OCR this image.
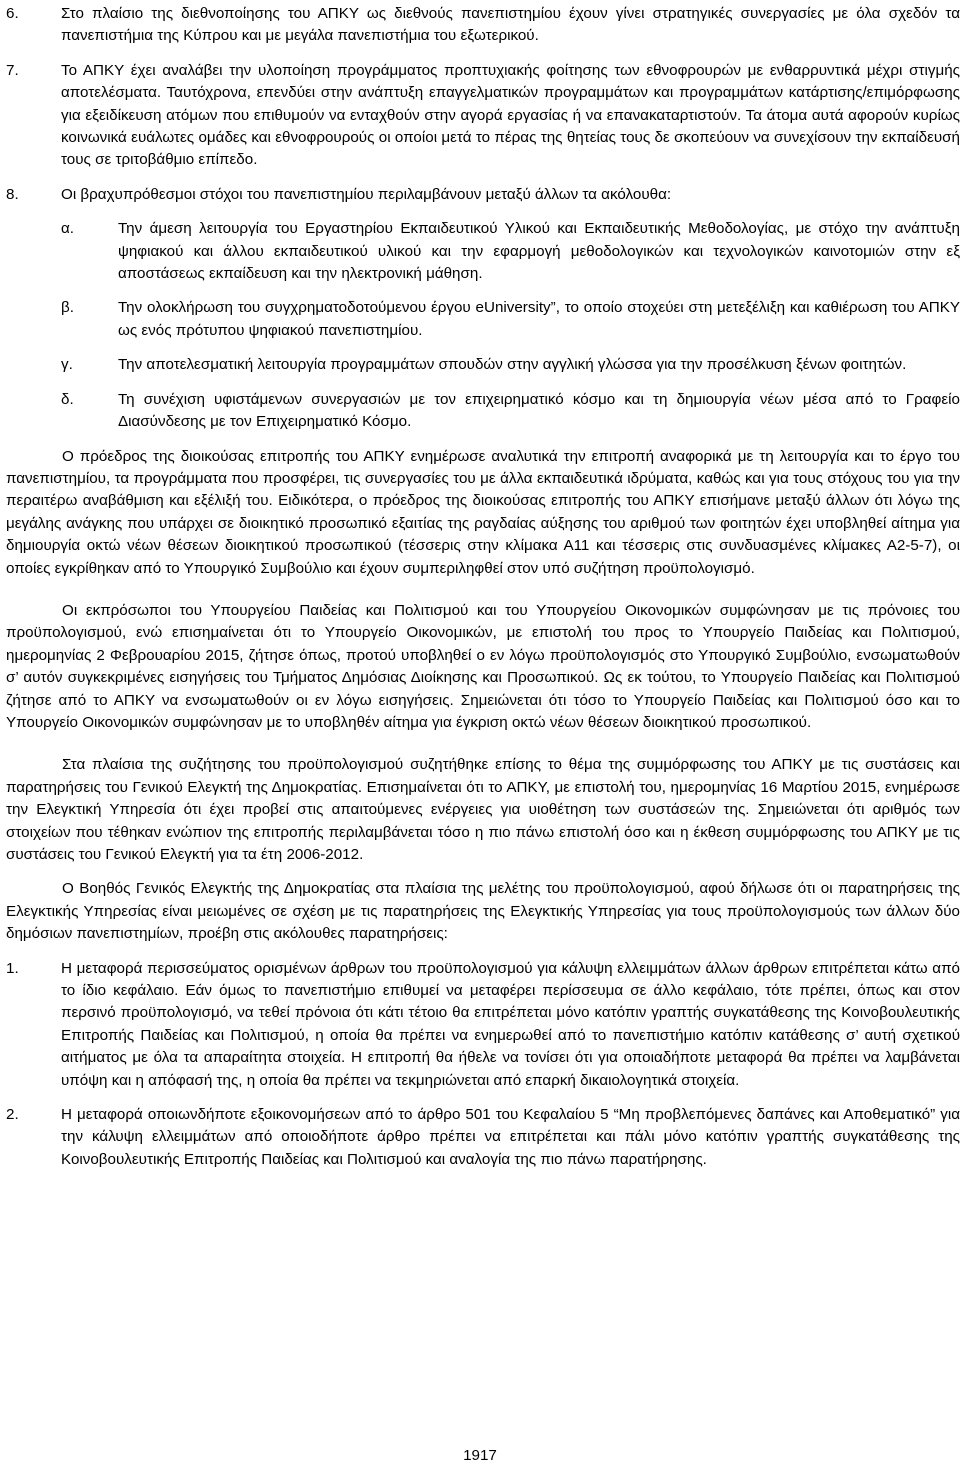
6.	Στο πλαίσιο της διεθνοποίησης του ΑΠΚΥ ως διεθνούς πανεπιστημίου έχουν γίνει στρατηγικές συνεργασίες με όλα σχεδόν τα πανεπιστήμια της Κύπρου και με μεγάλα πανεπιστήμια του εξωτερικού.

7.	Το ΑΠΚΥ έχει αναλάβει την υλοποίηση προγράμματος προπτυχιακής φοίτησης των εθνοφρουρών με ενθαρρυντικά μέχρι στιγμής αποτελέσματα. Ταυτόχρονα, επενδύει στην ανάπτυξη επαγγελματικών προγραμμάτων και προγραμμάτων κατάρτισης/επιμόρφωσης για εξειδίκευση ατόμων που επιθυμούν να ενταχθούν στην αγορά εργασίας ή να επανακαταρτιστούν. Τα άτομα αυτά αφορούν κυρίως κοινωνικά ευάλωτες ομάδες και εθνοφρουρούς οι οποίοι μετά το πέρας της θητείας τους δε σκοπεύουν να συνεχίσουν την εκπαίδευσή τους σε τριτοβάθμιο επίπεδο.

8.	Οι βραχυπρόθεσμοι στόχοι του πανεπιστημίου περιλαμβάνουν μεταξύ άλλων τα ακόλουθα:

α.	Την άμεση λειτουργία του Εργαστηρίου Εκπαιδευτικού Υλικού και Εκπαιδευτικής Μεθοδολογίας, με στόχο την ανάπτυξη ψηφιακού και άλλου εκπαιδευτικού υλικού και την εφαρμογή μεθοδολογικών και τεχνολογικών καινοτομιών στην εξ αποστάσεως εκπαίδευση και την ηλεκτρονική μάθηση.

β.	Την ολοκλήρωση του συγχρηματοδοτούμενου έργου eUniversity”, το οποίο στοχεύει στη μετεξέλιξη και καθιέρωση του ΑΠΚΥ ως ενός πρότυπου ψηφιακού πανεπιστημίου.

γ.	Την αποτελεσματική λειτουργία προγραμμάτων σπουδών στην αγγλική γλώσσα για την προσέλκυση ξένων φοιτητών.

δ.	Τη συνέχιση υφιστάμενων συνεργασιών με τον επιχειρηματικό κόσμο και τη δημιουργία νέων μέσα από το Γραφείο Διασύνδεσης με τον Επιχειρηματικό Κόσμο.

Ο πρόεδρος της διοικούσας επιτροπής του ΑΠΚΥ ενημέρωσε αναλυτικά την επιτροπή αναφορικά με τη λειτουργία και το έργο του πανεπιστημίου, τα προγράμματα που προσφέρει, τις συνεργασίες του με άλλα εκπαιδευτικά ιδρύματα, καθώς και για τους στόχους του για την περαιτέρω αναβάθμιση και εξέλιξή του. Ειδικότερα, ο πρόεδρος της διοικούσας επιτροπής του ΑΠΚΥ επισήμανε μεταξύ άλλων ότι λόγω της μεγάλης ανάγκης που υπάρχει σε διοικητικό προσωπικό εξαιτίας της ραγδαίας αύξησης του αριθμού των φοιτητών έχει υποβληθεί αίτημα για δημιουργία οκτώ νέων θέσεων διοικητικού προσωπικού (τέσσερις στην κλίμακα Α11 και τέσσερις στις συνδυασμένες κλίμακες Α2-5-7), οι οποίες εγκρίθηκαν από το Υπουργικό Συμβούλιο και έχουν συμπεριληφθεί στον υπό συζήτηση προϋπολογισμό.

Οι εκπρόσωποι του Υπουργείου Παιδείας και Πολιτισμού και του Υπουργείου Οικονομικών συμφώνησαν με τις πρόνοιες του προϋπολογισμού, ενώ επισημαίνεται ότι το Υπουργείο Οικονομικών, με επιστολή του προς το Υπουργείο Παιδείας και Πολιτισμού, ημερομηνίας 2 Φεβρουαρίου 2015, ζήτησε όπως, προτού υποβληθεί ο εν λόγω προϋπολογισμός στο Υπουργικό Συμβούλιο, ενσωματωθούν σ’ αυτόν συγκεκριμένες εισηγήσεις του Τμήματος Δημόσιας Διοίκησης και Προσωπικού. Ως εκ τούτου, το Υπουργείο Παιδείας και Πολιτισμού ζήτησε από το ΑΠΚΥ να ενσωματωθούν οι εν λόγω εισηγήσεις. Σημειώνεται ότι τόσο το Υπουργείο Παιδείας και Πολιτισμού όσο και το Υπουργείο Οικονομικών συμφώνησαν με το υποβληθέν αίτημα για έγκριση οκτώ νέων θέσεων διοικητικού προσωπικού.

Στα πλαίσια της συζήτησης του προϋπολογισμού συζητήθηκε επίσης το θέμα της συμμόρφωσης του ΑΠΚΥ με τις συστάσεις και παρατηρήσεις του Γενικού Ελεγκτή της Δημοκρατίας. Επισημαίνεται ότι το ΑΠΚΥ, με επιστολή του, ημερομηνίας 16 Μαρτίου 2015, ενημέρωσε την Ελεγκτική Υπηρεσία ότι έχει προβεί στις απαιτούμενες ενέργειες για υιοθέτηση των συστάσεών της. Σημειώνεται ότι αριθμός των στοιχείων που τέθηκαν ενώπιον της επιτροπής περιλαμβάνεται τόσο η πιο πάνω επιστολή όσο και η έκθεση συμμόρφωσης του ΑΠΚΥ με τις συστάσεις του Γενικού Ελεγκτή για τα έτη 2006-2012.

Ο Βοηθός Γενικός Ελεγκτής της Δημοκρατίας στα πλαίσια της μελέτης του προϋπολογισμού, αφού δήλωσε ότι οι παρατηρήσεις της Ελεγκτικής Υπηρεσίας είναι μειωμένες σε σχέση με τις παρατηρήσεις της Ελεγκτικής Υπηρεσίας για τους προϋπολογισμούς των άλλων δύο δημόσιων πανεπιστημίων, προέβη στις ακόλουθες παρατηρήσεις:

1.	Η μεταφορά περισσεύματος ορισμένων άρθρων του προϋπολογισμού για κάλυψη ελλειμμάτων άλλων άρθρων επιτρέπεται κάτω από το ίδιο κεφάλαιο. Εάν όμως το πανεπιστήμιο επιθυμεί να μεταφέρει περίσσευμα σε άλλο κεφάλαιο, τότε πρέπει, όπως και στον περσινό προϋπολογισμό, να τεθεί πρόνοια ότι κάτι τέτοιο θα επιτρέπεται μόνο κατόπιν γραπτής συγκατάθεσης της Κοινοβουλευτικής Επιτροπής Παιδείας και Πολιτισμού, η οποία θα πρέπει να ενημερωθεί από το πανεπιστήμιο κατόπιν κατάθεσης σ’ αυτή σχετικού αιτήματος με όλα τα απαραίτητα στοιχεία. Η επιτροπή θα ήθελε να τονίσει ότι για οποιαδήποτε μεταφορά θα πρέπει να λαμβάνεται υπόψη και η απόφασή της, η οποία θα πρέπει να τεκμηριώνεται από επαρκή δικαιολογητικά στοιχεία.

2.	Η μεταφορά οποιωνδήποτε εξοικονομήσεων από το άρθρο 501 του Κεφαλαίου 5 “Μη προβλεπόμενες δαπάνες και Αποθεματικό” για την κάλυψη ελλειμμάτων από οποιοδήποτε άρθρο πρέπει να επιτρέπεται και πάλι μόνο κατόπιν γραπτής συγκατάθεσης της Κοινοβουλευτικής Επιτροπής Παιδείας και Πολιτισμού και αναλογία της πιο πάνω παρατήρησης.

1917
